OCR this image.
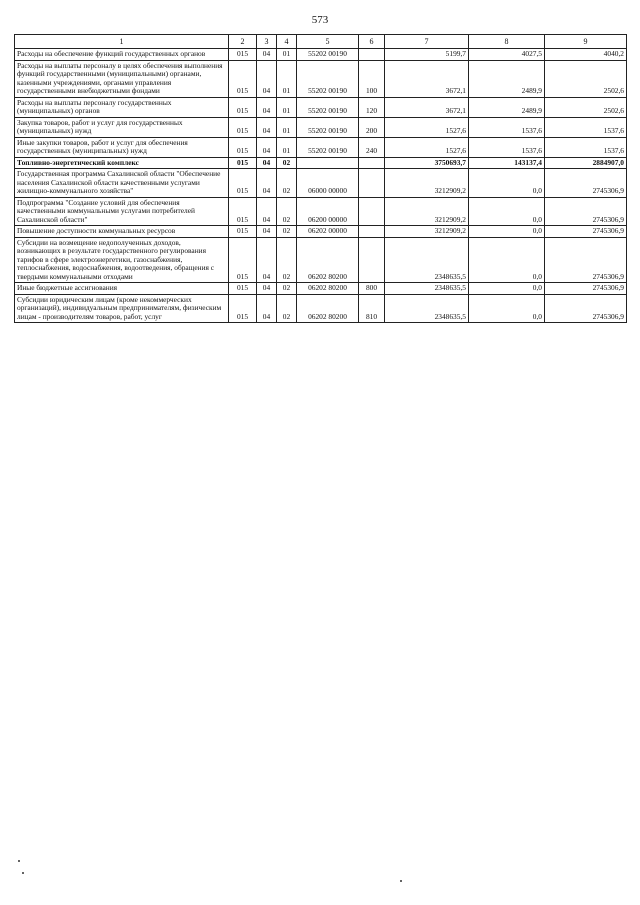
573
1	2	3	4	5	6	7	8	9
Расходы на обеспечение функций государственных органов	015	04	01	55202 00190		5199,7	4027,5	4040,2
Расходы на выплаты персоналу в целях обеспечения выполнения функций государственными (муниципальными) органами, казенными учреждениями, органами управления государственными внебюджетными фондами	015	04	01	55202 00190	100	3672,1	2489,9	2502,6
Расходы на выплаты персоналу государственных (муниципальных) органов	015	04	01	55202 00190	120	3672,1	2489,9	2502,6
Закупка товаров, работ и услуг для государственных (муниципальных) нужд	015	04	01	55202 00190	200	1527,6	1537,6	1537,6
Иные закупки товаров, работ и услуг для обеспечения государственных (муниципальных) нужд	015	04	01	55202 00190	240	1527,6	1537,6	1537,6
Топливно-энергетический комплекс	015	04	02			3750693,7	143137,4	2884907,0
Государственная программа Сахалинской области "Обеспечение населения Сахалинской области качественными услугами жилищно-коммунального хозяйства"	015	04	02	06000 00000		3212909,2	0,0	2745306,9
Подпрограмма "Создание условий для обеспечения качественными коммунальными услугами потребителей Сахалинской области"	015	04	02	06200 00000		3212909,2	0,0	2745306,9
Повышение доступности коммунальных ресурсов	015	04	02	06202 00000		3212909,2	0,0	2745306,9
Субсидии на возмещение недополученных доходов, возникающих в результате государственного регулирования тарифов в сфере электроэнергетики, газоснабжения, теплоснабжения, водоснабжения, водоотведения, обращения с твердыми коммунальными отходами	015	04	02	06202 80200		2348635,5	0,0	2745306,9
Иные бюджетные ассигнования	015	04	02	06202 80200	800	2348635,5	0,0	2745306,9
Субсидии юридическим лицам (кроме некоммерческих организаций), индивидуальным предпринимателям, физическим лицам - производителям товаров, работ, услуг	015	04	02	06202 80200	810	2348635,5	0,0	2745306,9
